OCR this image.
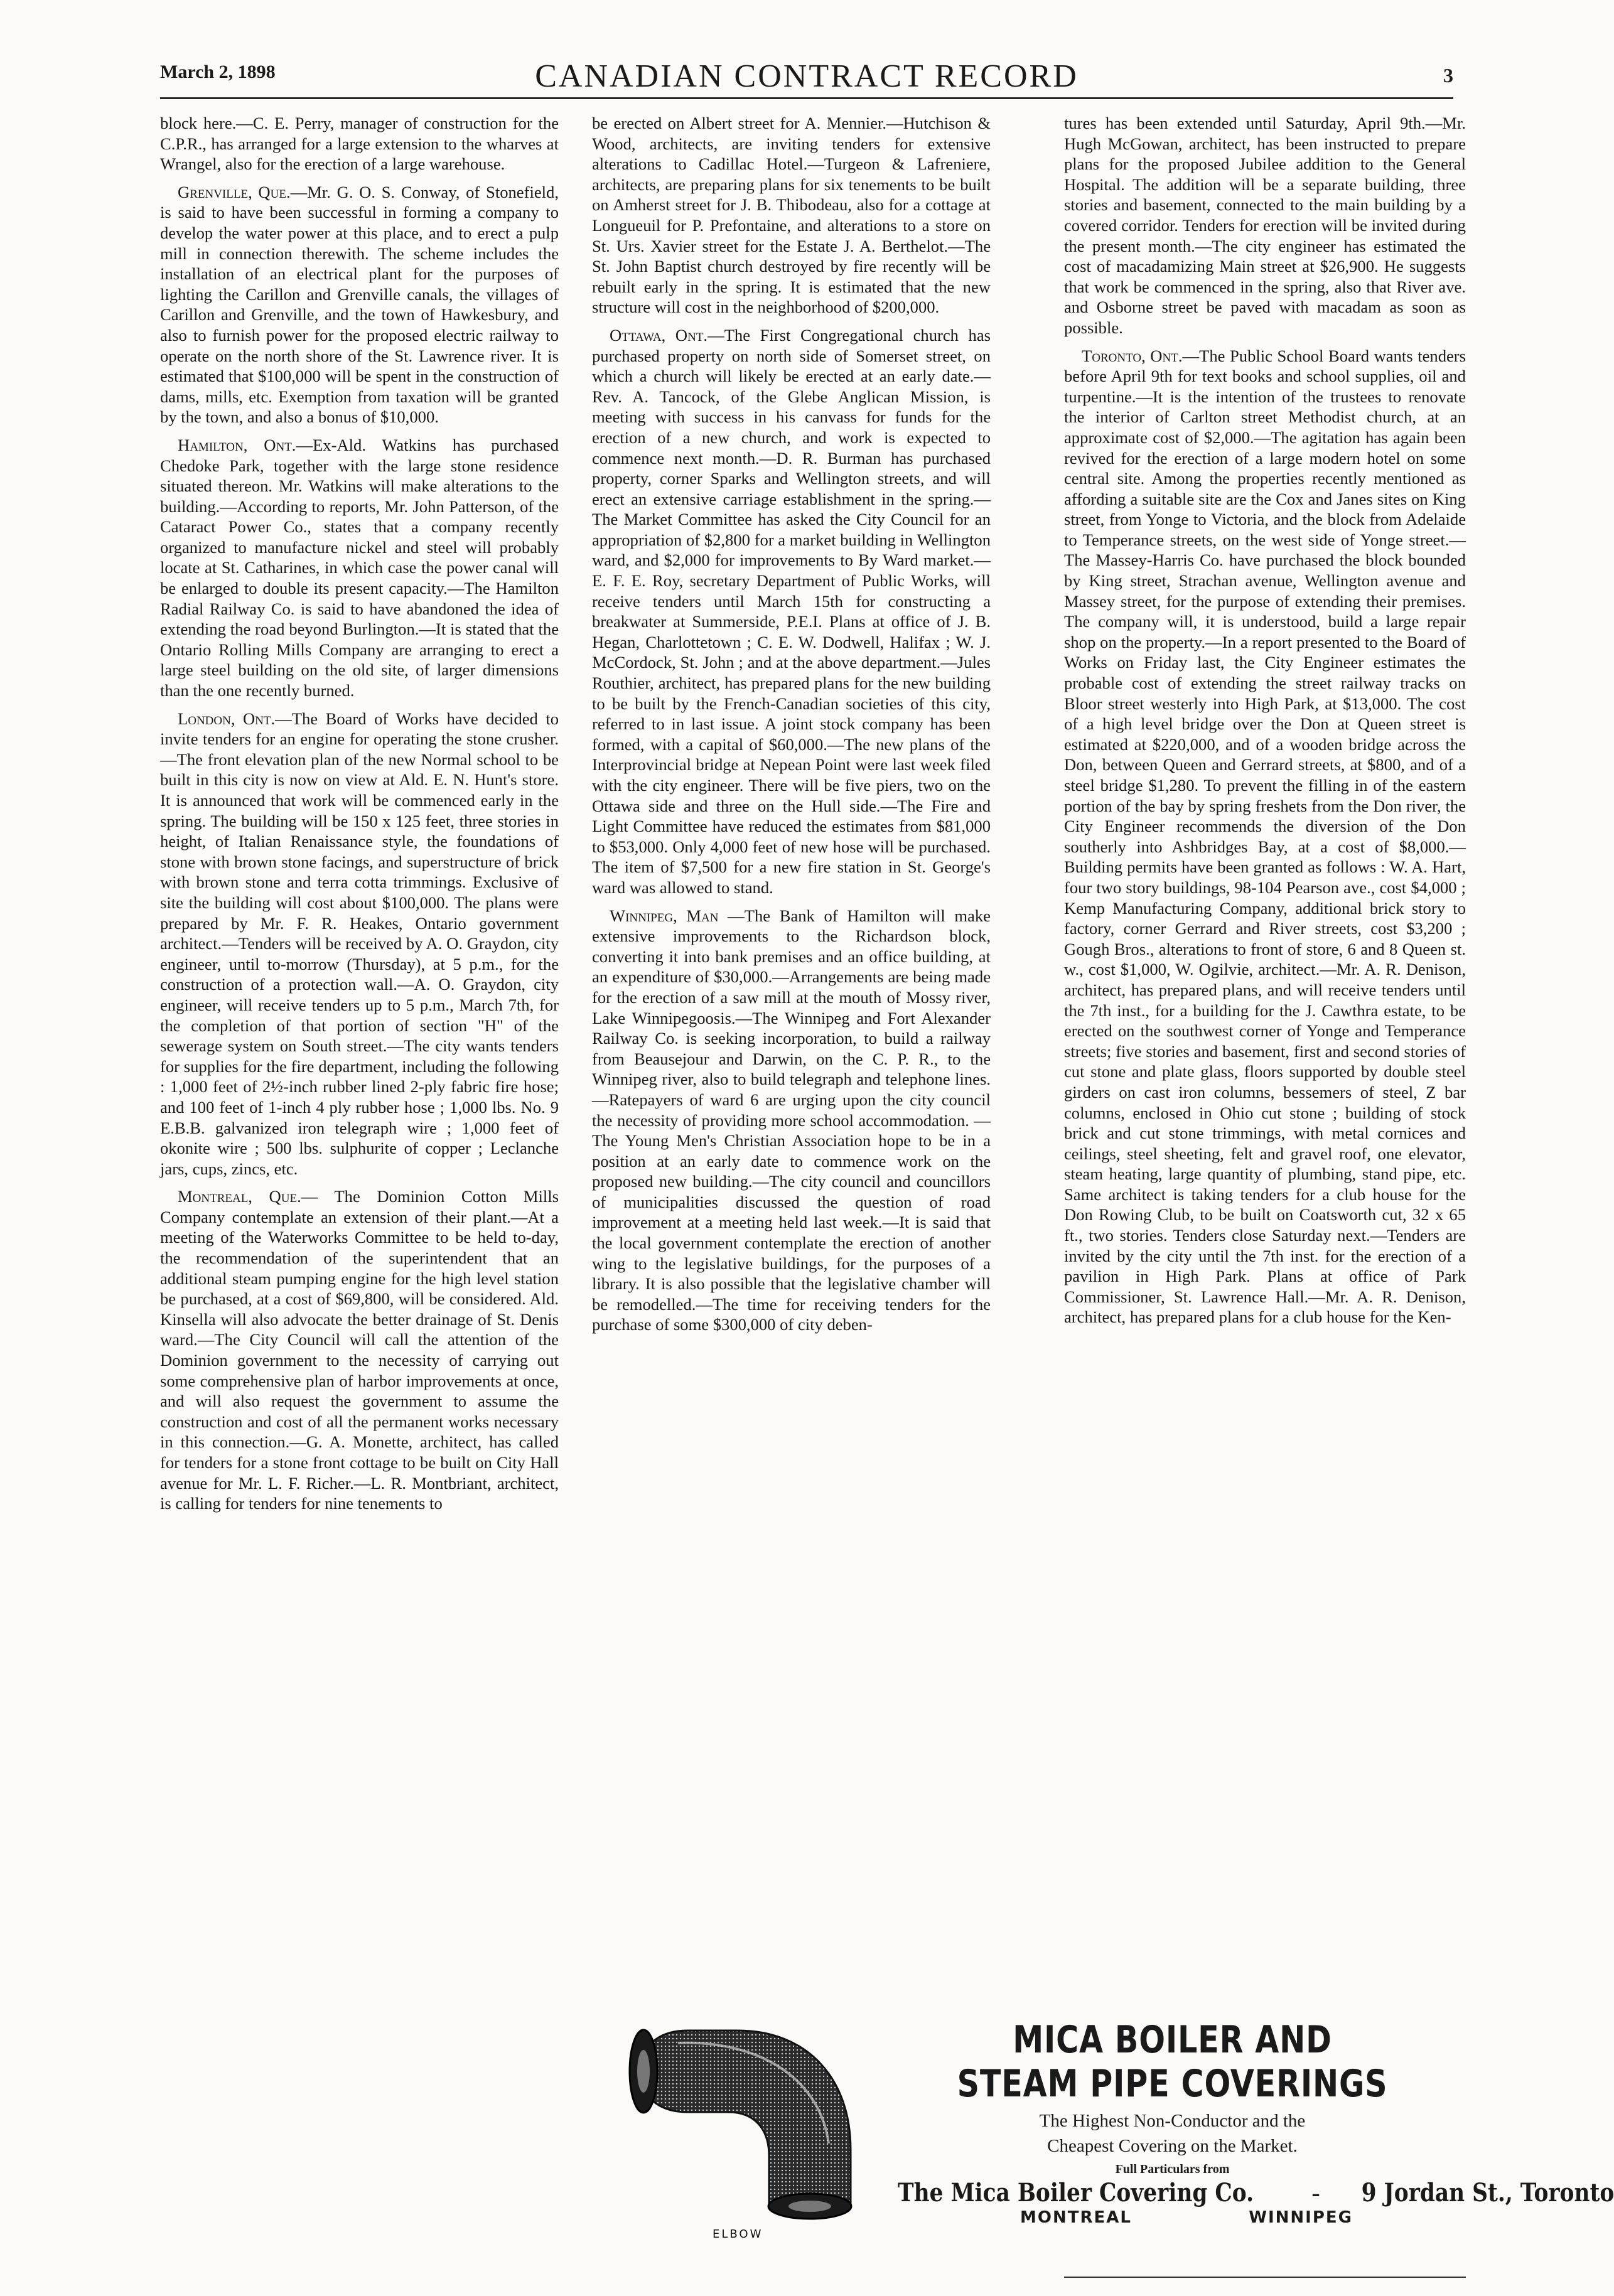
March 2, 1898	CANADIAN CONTRACT RECORD	3

block here.—C. E. Perry, manager of construction for the C.P.R., has arranged for a large extension to the wharves at Wrangel, also for the erection of a large warehouse.

Grenville, Que.—Mr. G. O. S. Conway, of Stonefield, is said to have been successful in forming a company to develop the water power at this place, and to erect a pulp mill in connection therewith. The scheme includes the installation of an electrical plant for the purposes of lighting the Carillon and Grenville canals, the villages of Carillon and Grenville, and the town of Hawkesbury, and also to furnish power for the proposed electric railway to operate on the north shore of the St. Lawrence river. It is estimated that $100,000 will be spent in the construction of dams, mills, etc. Exemption from taxation will be granted by the town, and also a bonus of $10,000.

Hamilton, Ont.—Ex-Ald. Watkins has purchased Chedoke Park, together with the large stone residence situated thereon. Mr. Watkins will make alterations to the building.—According to reports, Mr. John Patterson, of the Cataract Power Co., states that a company recently organized to manufacture nickel and steel will probably locate at St. Catharines, in which case the power canal will be enlarged to double its present capacity.—The Hamilton Radial Railway Co. is said to have abandoned the idea of extending the road beyond Burlington.—It is stated that the Ontario Rolling Mills Company are arranging to erect a large steel building on the old site, of larger dimensions than the one recently burned.

London, Ont.—The Board of Works have decided to invite tenders for an engine for operating the stone crusher.—The front elevation plan of the new Normal school to be built in this city is now on view at Ald. E. N. Hunt's store. It is announced that work will be commenced early in the spring. The building will be 150 x 125 feet, three stories in height, of Italian Renaissance style, the foundations of stone with brown stone facings, and superstructure of brick with brown stone and terra cotta trimmings. Exclusive of site the building will cost about $100,000. The plans were prepared by Mr. F. R. Heakes, Ontario government architect.—Tenders will be received by A. O. Graydon, city engineer, until to-morrow (Thursday), at 5 p.m., for the construction of a protection wall.—A. O. Graydon, city engineer, will receive tenders up to 5 p.m., March 7th, for the completion of that portion of section "H" of the sewerage system on South street.—The city wants tenders for supplies for the fire department, including the following : 1,000 feet of 2½-inch rubber lined 2-ply fabric fire hose; and 100 feet of 1-inch 4 ply rubber hose ; 1,000 lbs. No. 9 E.B.B. galvanized iron telegraph wire ; 1,000 feet of okonite wire ; 500 lbs. sulphurite of copper ; Leclanche jars, cups, zincs, etc.

Montreal, Que.— The Dominion Cotton Mills Company contemplate an extension of their plant.—At a meeting of the Waterworks Committee to be held to-day, the recommendation of the superintendent that an additional steam pumping engine for the high level station be purchased, at a cost of $69,800, will be considered. Ald. Kinsella will also advocate the better drainage of St. Denis ward.—The City Council will call the attention of the Dominion government to the necessity of carrying out some comprehensive plan of harbor improvements at once, and will also request the government to assume the construction and cost of all the permanent works necessary in this connection.—G. A. Monette, architect, has called for tenders for a stone front cottage to be built on City Hall avenue for Mr. L. F. Richer.—L. R. Montbriant, architect, is calling for tenders for nine tenements to

be erected on Albert street for A. Mennier.—Hutchison & Wood, architects, are inviting tenders for extensive alterations to Cadillac Hotel.—Turgeon & Lafreniere, architects, are preparing plans for six tenements to be built on Amherst street for J. B. Thibodeau, also for a cottage at Longueuil for P. Prefontaine, and alterations to a store on St. Urs. Xavier street for the Estate J. A. Berthelot.—The St. John Baptist church destroyed by fire recently will be rebuilt early in the spring. It is estimated that the new structure will cost in the neighborhood of $200,000.

Ottawa, Ont.—The First Congregational church has purchased property on north side of Somerset street, on which a church will likely be erected at an early date.—Rev. A. Tancock, of the Glebe Anglican Mission, is meeting with success in his canvass for funds for the erection of a new church, and work is expected to commence next month.—D. R. Burman has purchased property, corner Sparks and Wellington streets, and will erect an extensive carriage establishment in the spring.—The Market Committee has asked the City Council for an appropriation of $2,800 for a market building in Wellington ward, and $2,000 for improvements to By Ward market.—E. F. E. Roy, secretary Department of Public Works, will receive tenders until March 15th for constructing a breakwater at Summerside, P.E.I. Plans at office of J. B. Hegan, Charlottetown ; C. E. W. Dodwell, Halifax ; W. J. McCordock, St. John ; and at the above department.—Jules Routhier, architect, has prepared plans for the new building to be built by the French-Canadian societies of this city, referred to in last issue. A joint stock company has been formed, with a capital of $60,000.—The new plans of the Interprovincial bridge at Nepean Point were last week filed with the city engineer. There will be five piers, two on the Ottawa side and three on the Hull side.—The Fire and Light Committee have reduced the estimates from $81,000 to $53,000. Only 4,000 feet of new hose will be purchased. The item of $7,500 for a new fire station in St. George's ward was allowed to stand.

Winnipeg, Man —The Bank of Hamilton will make extensive improvements to the Richardson block, converting it into bank premises and an office building, at an expenditure of $30,000.—Arrangements are being made for the erection of a saw mill at the mouth of Mossy river, Lake Winnipegoosis.—The Winnipeg and Fort Alexander Railway Co. is seeking incorporation, to build a railway from Beausejour and Darwin, on the C. P. R., to the Winnipeg river, also to build telegraph and telephone lines.—Ratepayers of ward 6 are urging upon the city council the necessity of providing more school accommodation. — The Young Men's Christian Association hope to be in a position at an early date to commence work on the proposed new building.—The city council and councillors of municipalities discussed the question of road improvement at a meeting held last week.—It is said that the local government contemplate the erection of another wing to the legislative buildings, for the purposes of a library. It is also possible that the legislative chamber will be remodelled.—The time for receiving tenders for the purchase of some $300,000 of city deben-

tures has been extended until Saturday, April 9th.—Mr. Hugh McGowan, architect, has been instructed to prepare plans for the proposed Jubilee addition to the General Hospital. The addition will be a separate building, three stories and basement, connected to the main building by a covered corridor. Tenders for erection will be invited during the present month.—The city engineer has estimated the cost of macadamizing Main street at $26,900. He suggests that work be commenced in the spring, also that River ave. and Osborne street be paved with macadam as soon as possible.

Toronto, Ont.—The Public School Board wants tenders before April 9th for text books and school supplies, oil and turpentine.—It is the intention of the trustees to renovate the interior of Carlton street Methodist church, at an approximate cost of $2,000.—The agitation has again been revived for the erection of a large modern hotel on some central site. Among the properties recently mentioned as affording a suitable site are the Cox and Janes sites on King street, from Yonge to Victoria, and the block from Adelaide to Temperance streets, on the west side of Yonge street.—The Massey-Harris Co. have purchased the block bounded by King street, Strachan avenue, Wellington avenue and Massey street, for the purpose of extending their premises. The company will, it is understood, build a large repair shop on the property.—In a report presented to the Board of Works on Friday last, the City Engineer estimates the probable cost of extending the street railway tracks on Bloor street westerly into High Park, at $13,000. The cost of a high level bridge over the Don at Queen street is estimated at $220,000, and of a wooden bridge across the Don, between Queen and Gerrard streets, at $800, and of a steel bridge $1,280. To prevent the filling in of the eastern portion of the bay by spring freshets from the Don river, the City Engineer recommends the diversion of the Don southerly into Ashbridges Bay, at a cost of $8,000.—Building permits have been granted as follows : W. A. Hart, four two story buildings, 98-104 Pearson ave., cost $4,000 ; Kemp Manufacturing Company, additional brick story to factory, corner Gerrard and River streets, cost $3,200 ; Gough Bros., alterations to front of store, 6 and 8 Queen st. w., cost $1,000, W. Ogilvie, architect.—Mr. A. R. Denison, architect, has prepared plans, and will receive tenders until the 7th inst., for a building for the J. Cawthra estate, to be erected on the southwest corner of Yonge and Temperance streets; five stories and basement, first and second stories of cut stone and plate glass, floors supported by double steel girders on cast iron columns, bessemers of steel, Z bar columns, enclosed in Ohio cut stone ; building of stock brick and cut stone trimmings, with metal cornices and ceilings, steel sheeting, felt and gravel roof, one elevator, steam heating, large quantity of plumbing, stand pipe, etc. Same architect is taking tenders for a club house for the Don Rowing Club, to be built on Coatsworth cut, 32 x 65 ft., two stories. Tenders close Saturday next.—Tenders are invited by the city until the 7th inst. for the erection of a pavilion in High Park. Plans at office of Park Commissioner, St. Lawrence Hall.—Mr. A. R. Denison, architect, has prepared plans for a club house for the Ken-

ELBOW
MICA BOILER AND
STEAM PIPE COVERINGS
The Highest Non-Conductor and the
Cheapest Covering on the Market.
Full Particulars from
The Mica Boiler Covering Co. - 9 Jordan St., Toronto
MONTREAL	WINNIPEG
